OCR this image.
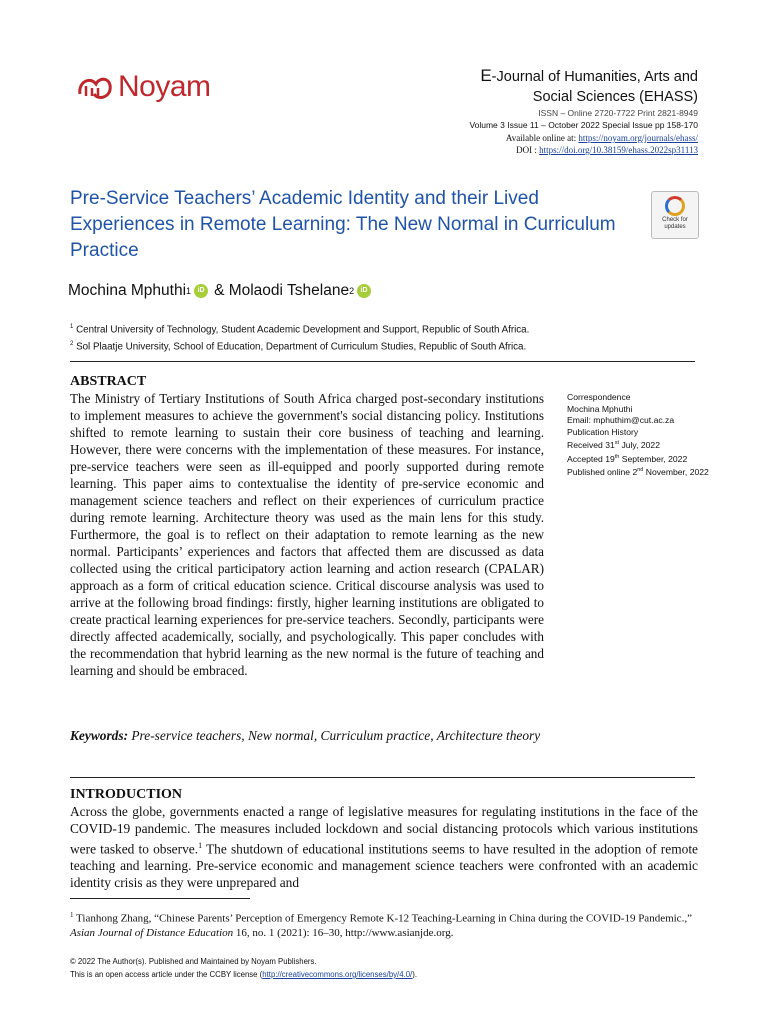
Noyam	E-Journal of Humanities, Arts and
Social Sciences (EHASS)
ISSN – Online 2720-7722 Print 2821-8949
Volume 3 Issue 11 – October 2022 Special Issue pp 158-170
Available online at: https://noyam.org/journals/ehass/
DOI : https://doi.org/10.38159/ehass.2022sp31113
Pre-Service Teachers’ Academic Identity and their Lived Experiences in Remote Learning: The New Normal in Curriculum Practice
Check for
updates
Mochina Mphuthi 1 iD & Molaodi Tshelane 2 iD
$^1$ Central University of Technology, Student Academic Development and Support, Republic of South Africa.
$^2$ Sol Plaatje University, School of Education, Department of Curriculum Studies, Republic of South Africa.
ABSTRACT
The Ministry of Tertiary Institutions of South Africa charged post-secondary institutions to implement measures to achieve the government's social distancing policy. Institutions shifted to remote learning to sustain their core business of teaching and learning. However, there were concerns with the implementation of these measures. For instance, pre-service teachers were seen as ill-equipped and poorly supported during remote learning. This paper aims to contextualise the identity of pre-service economic and management science teachers and reflect on their experiences of curriculum practice during remote learning. Architecture theory was used as the main lens for this study. Furthermore, the goal is to reflect on their adaptation to remote learning as the new normal. Participants’ experiences and factors that affected them are discussed as data collected using the critical participatory action learning and action research (CPALAR) approach as a form of critical education science. Critical discourse analysis was used to arrive at the following broad findings: firstly, higher learning institutions are obligated to create practical learning experiences for pre-service teachers. Secondly, participants were directly affected academically, socially, and psychologically. This paper concludes with the recommendation that hybrid learning as the new normal is the future of teaching and learning and should be embraced.
Correspondence
Mochina Mphuthi
Email: mphuthim@cut.ac.za
Publication History
Received 31st July, 2022
Accepted 19th September, 2022
Published online 2nd November, 2022
Keywords: Pre-service teachers, New normal, Curriculum practice, Architecture theory
INTRODUCTION
Across the globe, governments enacted a range of legislative measures for regulating institutions in the face of the COVID-19 pandemic. The measures included lockdown and social distancing protocols which various institutions were tasked to observe.$^1$ The shutdown of educational institutions seems to have resulted in the adoption of remote teaching and learning. Pre-service economic and management science teachers were confronted with an academic identity crisis as they were unprepared and
$^1$ Tianhong Zhang, “Chinese Parents’ Perception of Emergency Remote K-12 Teaching-Learning in China during the COVID-19 Pandemic.,” Asian Journal of Distance Education 16, no. 1 (2021): 16–30, http://www.asianjde.org.
© 2022 The Author(s). Published and Maintained by Noyam Publishers.
This is an open access article under the CCBY license (http://creativecommons.org/licenses/by/4.0/).
